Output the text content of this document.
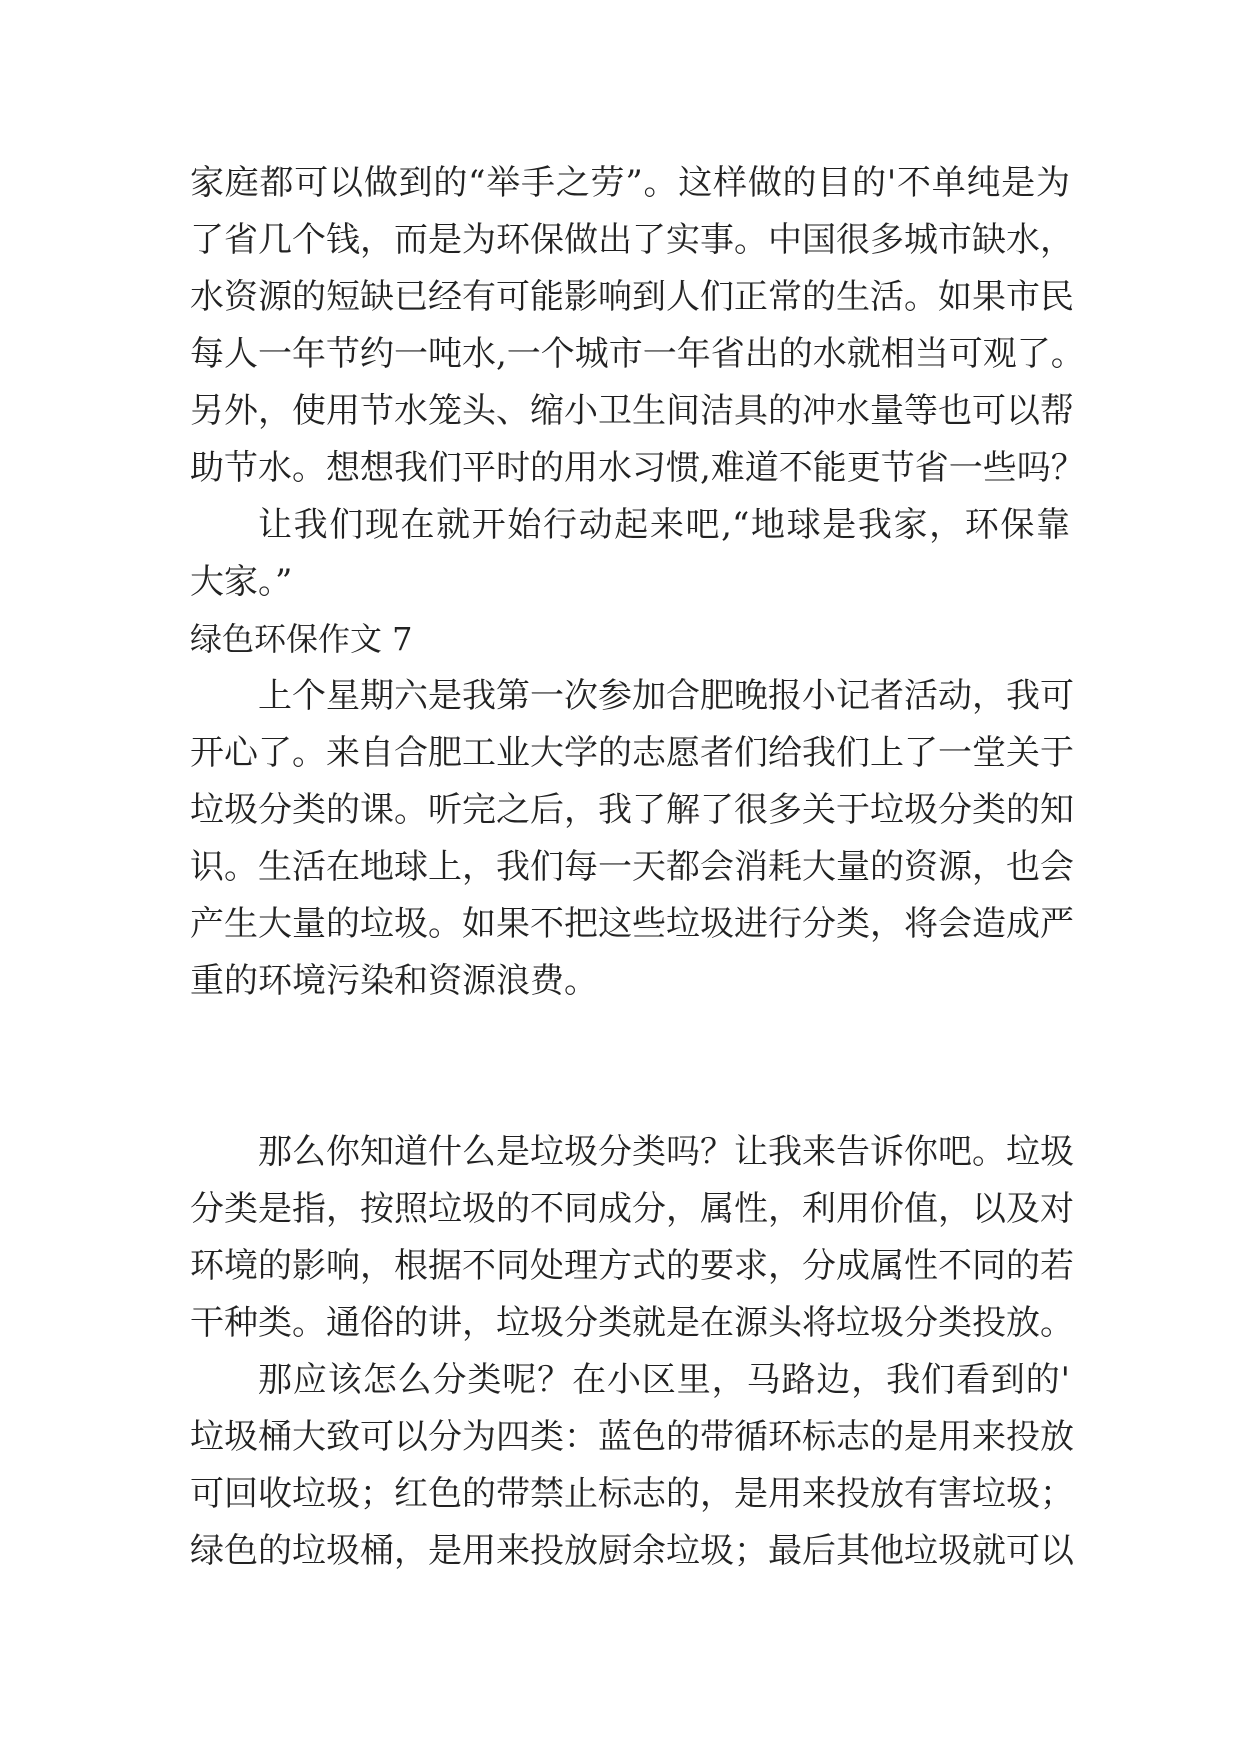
家庭都可以做到的“举手之劳”。这样做的目的'不单纯是为
了省几个钱，而是为环保做出了实事。中国很多城市缺水，
水资源的短缺已经有可能影响到人们正常的生活。如果市民
每人一年节约一吨水,一个城市一年省出的水就相当可观了。
另外，使用节水笼头、缩小卫生间洁具的冲水量等也可以帮
助节水。想想我们平时的用水习惯,难道不能更节省一些吗？
让我们现在就开始行动起来吧,“地球是我家，环保靠
大家。”
绿色环保作文 7
上个星期六是我第一次参加合肥晚报小记者活动，我可
开心了。来自合肥工业大学的志愿者们给我们上了一堂关于
垃圾分类的课。听完之后，我了解了很多关于垃圾分类的知
识。生活在地球上，我们每一天都会消耗大量的资源，也会
产生大量的垃圾。如果不把这些垃圾进行分类，将会造成严
重的环境污染和资源浪费。
那么你知道什么是垃圾分类吗？让我来告诉你吧。垃圾
分类是指，按照垃圾的不同成分，属性，利用价值，以及对
环境的影响，根据不同处理方式的要求，分成属性不同的若
干种类。通俗的讲，垃圾分类就是在源头将垃圾分类投放。
那应该怎么分类呢？在小区里，马路边，我们看到的'
垃圾桶大致可以分为四类：蓝色的带循环标志的是用来投放
可回收垃圾；红色的带禁止标志的，是用来投放有害垃圾；
绿色的垃圾桶，是用来投放厨余垃圾；最后其他垃圾就可以
